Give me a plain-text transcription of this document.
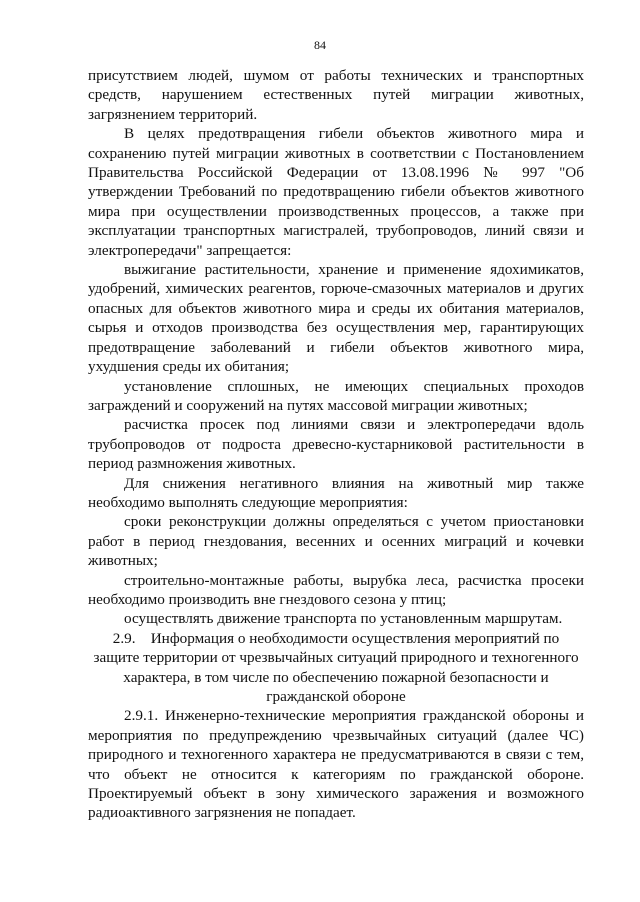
84

присутствием людей, шумом от работы технических и транспортных средств, нарушением естественных путей миграции животных, загрязнением территорий.

В целях предотвращения гибели объектов животного мира и сохранению путей миграции животных в соответствии с Постановлением Правительства Российской Федерации от 13.08.1996 № 997 "Об утверждении Требований по предотвращению гибели объектов животного мира при осуществлении производственных процессов, а также при эксплуатации транспортных магистралей, трубопроводов, линий связи и электропередачи" запрещается:

выжигание растительности, хранение и применение ядохимикатов, удобрений, химических реагентов, горюче-смазочных материалов и других опасных для объектов животного мира и среды их обитания материалов, сырья и отходов производства без осуществления мер, гарантирующих предотвращение заболеваний и гибели объектов животного мира, ухудшения среды их обитания;

установление сплошных, не имеющих специальных проходов заграждений и сооружений на путях массовой миграции животных;

расчистка просек под линиями связи и электропередачи вдоль трубопроводов от подроста древесно-кустарниковой растительности в период размножения животных.

Для снижения негативного влияния на животный мир также необходимо выполнять следующие мероприятия:

сроки реконструкции должны определяться с учетом приостановки работ в период гнездования, весенних и осенних миграций и кочевки животных;

строительно-монтажные работы, вырубка леса, расчистка просеки необходимо производить вне гнездового сезона у птиц;

осуществлять движение транспорта по установленным маршрутам.

2.9. Информация о необходимости осуществления мероприятий по защите территории от чрезвычайных ситуаций природного и техногенного характера, в том числе по обеспечению пожарной безопасности и гражданской обороне

2.9.1. Инженерно-технические мероприятия гражданской обороны и мероприятия по предупреждению чрезвычайных ситуаций (далее ЧС) природного и техногенного характера не предусматриваются в связи с тем, что объект не относится к категориям по гражданской обороне. Проектируемый объект в зону химического заражения и возможного радиоактивного загрязнения не попадает.
